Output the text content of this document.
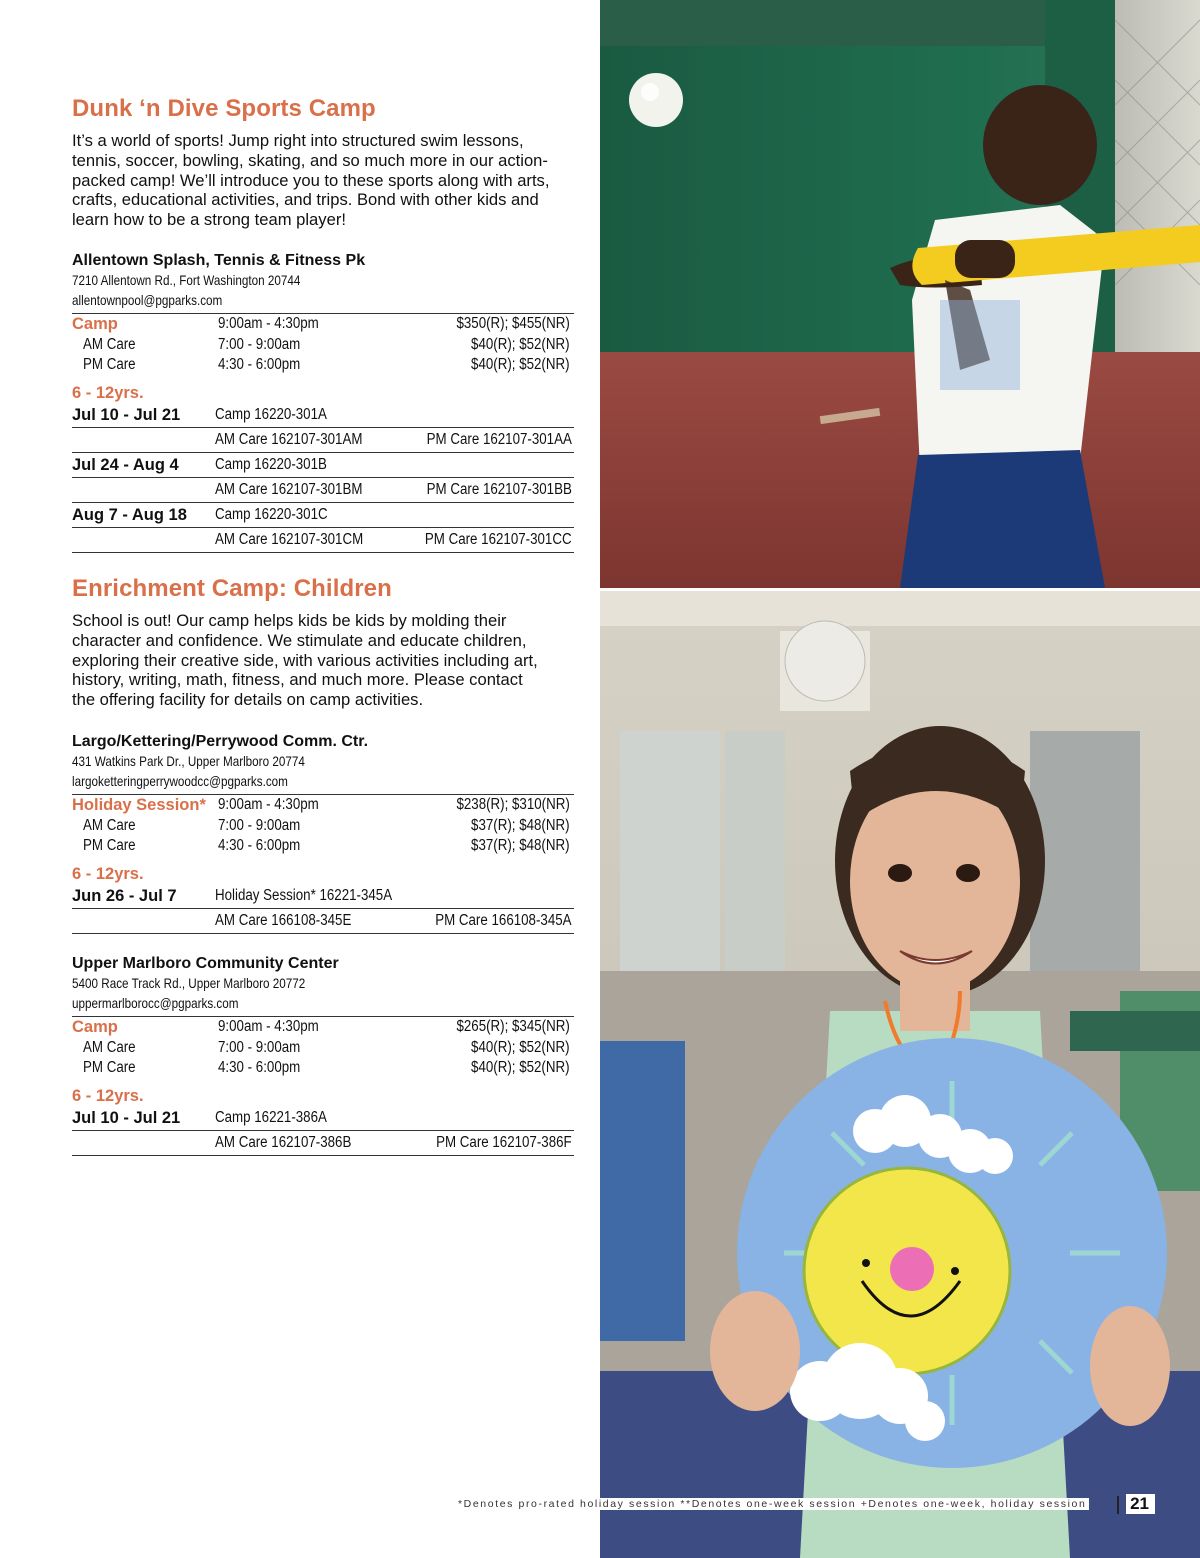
Dunk ‘n Dive Sports Camp

It’s a world of sports! Jump right into structured swim lessons,
tennis, soccer, bowling, skating, and so much more in our action-
packed camp! We’ll introduce you to these sports along with arts,
crafts, educational activities, and trips. Bond with other kids and
learn how to be a strong team player!

Allentown Splash, Tennis & Fitness Pk
7210 Allentown Rd., Fort Washington 20744
allentownpool@pgparks.com
Camp	9:00am - 4:30pm	$350(R); $455(NR)
AM Care	7:00 - 9:00am	$40(R); $52(NR)
PM Care	4:30 - 6:00pm	$40(R); $52(NR)
6 - 12yrs.
Jul 10 - Jul 21 Camp 16220-301A
AM Care 162107-301AM	PM Care 162107-301AA
Jul 24 - Aug 4 Camp 16220-301B
AM Care 162107-301BM	PM Care 162107-301BB
Aug 7 - Aug 18 Camp 16220-301C
AM Care 162107-301CM	PM Care 162107-301CC
Enrichment Camp: Children

School is out! Our camp helps kids be kids by molding their
character and confidence. We stimulate and educate children,
exploring their creative side, with various activities including art,
history, writing, math, fitness, and much more. Please contact
the offering facility for details on camp activities.

Largo/Kettering/Perrywood Comm. Ctr.
431 Watkins Park Dr., Upper Marlboro 20774
largoketteringperrywoodcc@pgparks.com
Holiday Session* 9:00am - 4:30pm	$238(R); $310(NR)
AM Care	7:00 - 9:00am	$37(R); $48(NR)
PM Care	4:30 - 6:00pm	$37(R); $48(NR)
6 - 12yrs.
Jun 26 - Jul 7 Holiday Session* 16221-345A
AM Care 166108-345E	PM Care 166108-345A
Upper Marlboro Community Center
5400 Race Track Rd., Upper Marlboro 20772
uppermarlborocc@pgparks.com
Camp	9:00am - 4:30pm	$265(R); $345(NR)
AM Care	7:00 - 9:00am	$40(R); $52(NR)
PM Care	4:30 - 6:00pm	$40(R); $52(NR)
6 - 12yrs.
Jul 10 - Jul 21 Camp 16221-386A
AM Care 162107-386B	PM Care 162107-386F
*Denotes pro-rated holiday session **Denotes one-week session +Denotes one-week, holiday session	21
